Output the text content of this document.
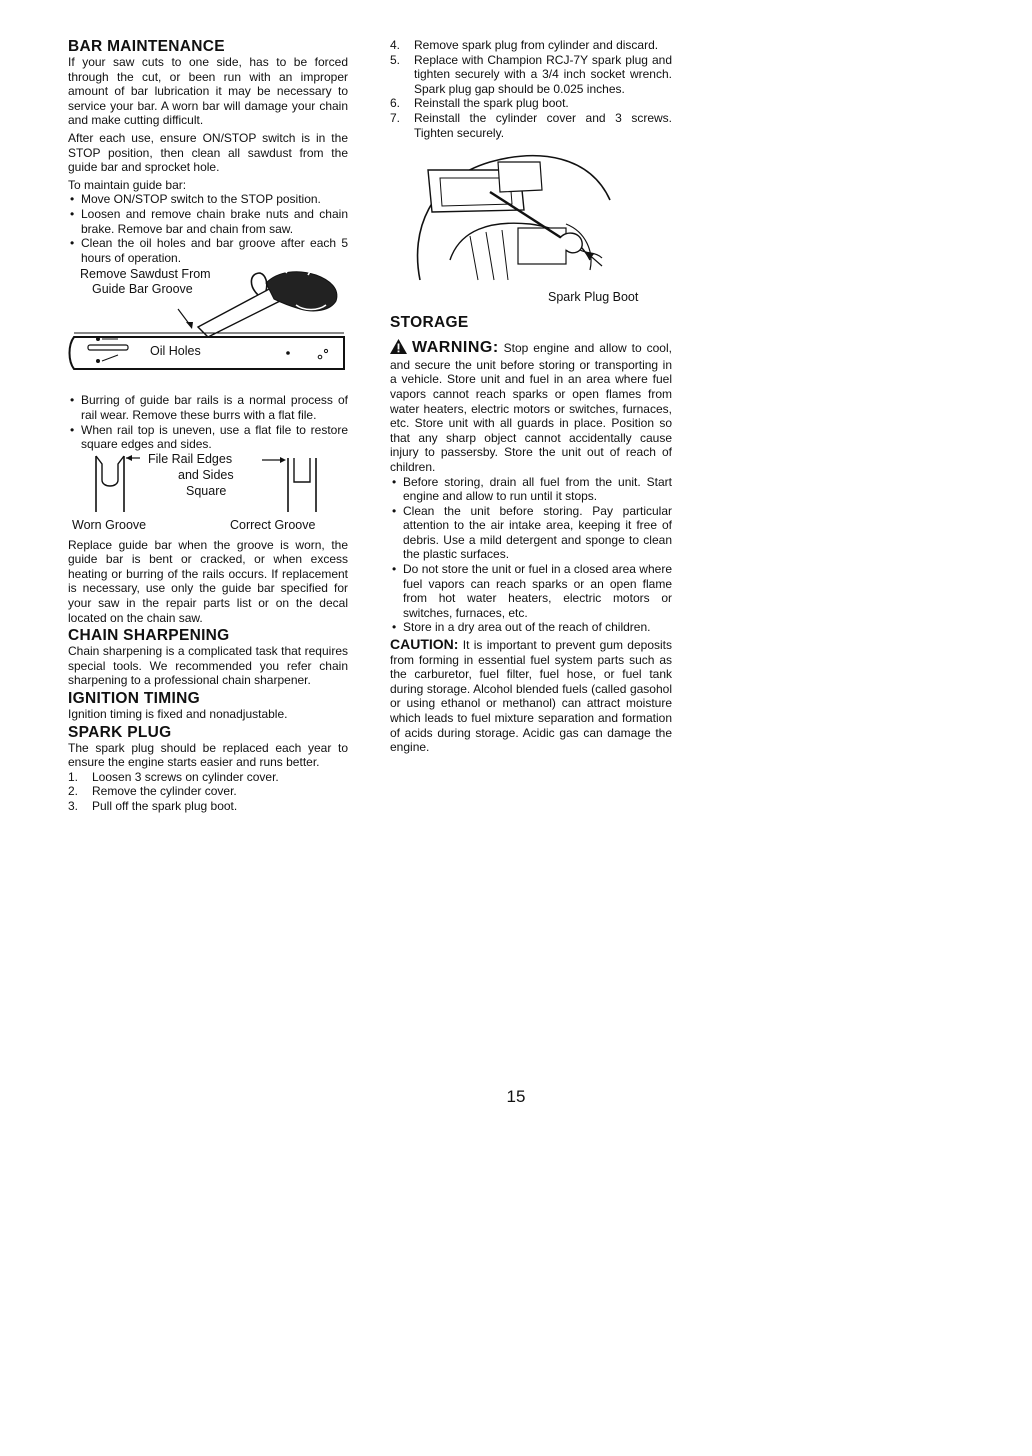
BAR MAINTENANCE

If your saw cuts to one side, has to be forced through the cut, or been run with an improper amount of bar lubrication it may be necessary to service your bar. A worn bar will damage your chain and make cutting difficult.

After each use, ensure ON/STOP switch is in the STOP position, then clean all sawdust from the guide bar and sprocket hole.

To maintain guide bar:

• Move ON/STOP switch to the STOP position.
• Loosen and remove chain brake nuts and chain brake. Remove bar and chain from saw.
• Clean the oil holes and bar groove after each 5 hours of operation.
Remove Sawdust From
Guide Bar Groove
Oil Holes
• Burring of guide bar rails is a normal process of rail wear. Remove these burrs with a flat file.
• When rail top is uneven, use a flat file to restore square edges and sides.
File Rail Edges
and Sides
Square
Worn Groove	Correct Groove

Replace guide bar when the groove is worn, the guide bar is bent or cracked, or when excess heating or burring of the rails occurs. If replacement is necessary, use only the guide bar specified for your saw in the repair parts list or on the decal located on the chain saw.

CHAIN SHARPENING

Chain sharpening is a complicated task that requires special tools. We recommended you refer chain sharpening to a professional chain sharpener.

IGNITION TIMING

Ignition timing is fixed and nonadjustable.

SPARK PLUG

The spark plug should be replaced each year to ensure the engine starts easier and runs better.

1. Loosen 3 screws on cylinder cover.
2. Remove the cylinder cover.
3. Pull off the spark plug boot.
4. Remove spark plug from cylinder and discard.
5. Replace with Champion RCJ-7Y spark plug and tighten securely with a 3/4 inch socket wrench. Spark plug gap should be 0.025 inches.
6. Reinstall the spark plug boot.
7. Reinstall the cylinder cover and 3 screws. Tighten securely.
Spark Plug Boot
STORAGE

WARNING: Stop engine and allow to cool, and secure the unit before storing or transporting in a vehicle. Store unit and fuel in an area where fuel vapors cannot reach sparks or open flames from water heaters, electric motors or switches, furnaces, etc. Store unit with all guards in place. Position so that any sharp object cannot accidentally cause injury to passersby. Store the unit out of reach of children.

• Before storing, drain all fuel from the unit. Start engine and allow to run until it stops.
• Clean the unit before storing. Pay particular attention to the air intake area, keeping it free of debris. Use a mild detergent and sponge to clean the plastic surfaces.
• Do not store the unit or fuel in a closed area where fuel vapors can reach sparks or an open flame from hot water heaters, electric motors or switches, furnaces, etc.
• Store in a dry area out of the reach of children.

CAUTION: It is important to prevent gum deposits from forming in essential fuel system parts such as the carburetor, fuel filter, fuel hose, or fuel tank during storage. Alcohol blended fuels (called gasohol or using ethanol or methanol) can attract moisture which leads to fuel mixture separation and formation of acids during storage. Acidic gas can damage the engine.

15
